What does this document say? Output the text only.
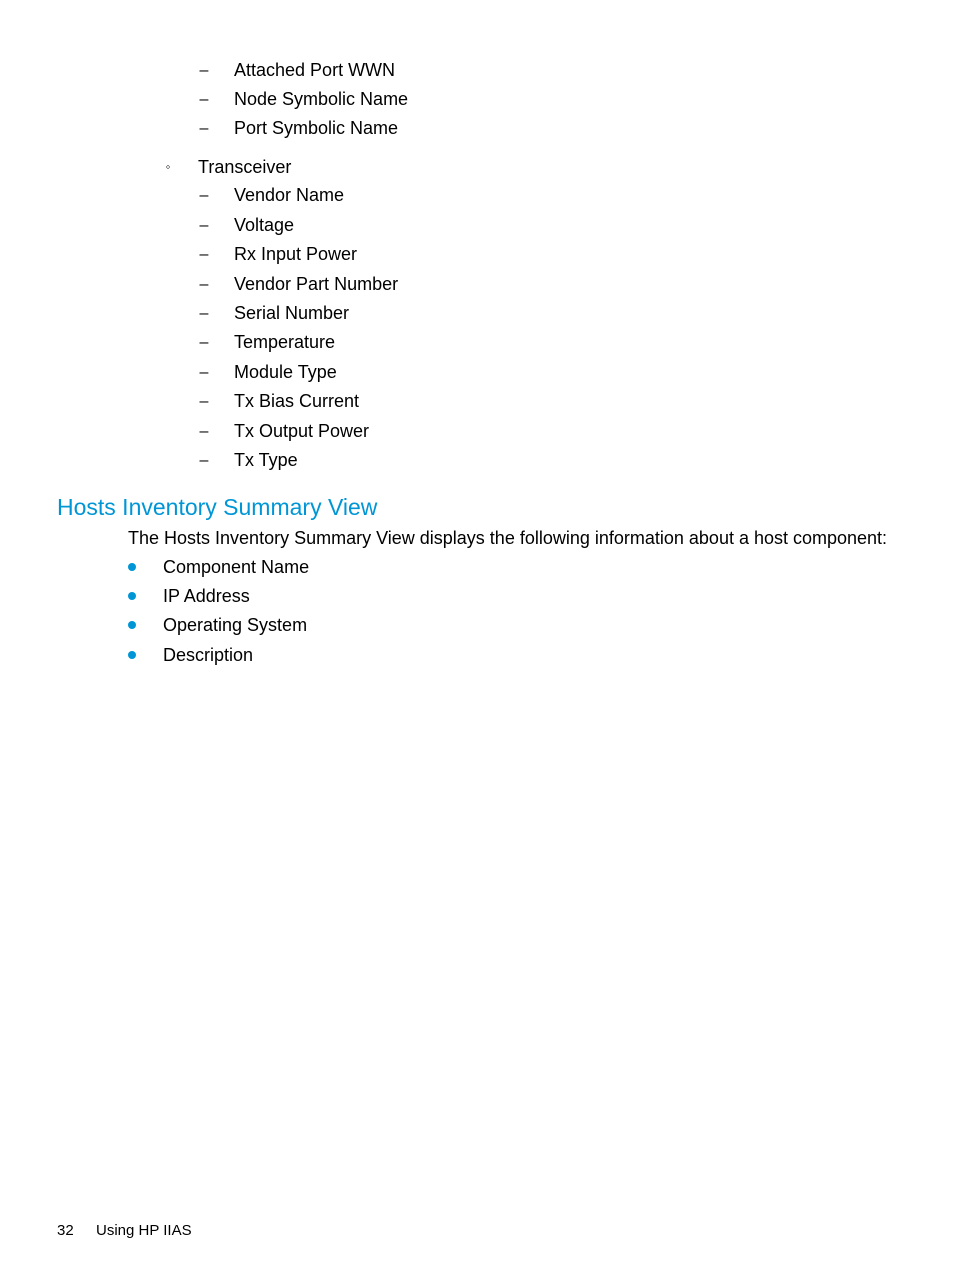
– Attached Port WWN
– Node Symbolic Name
– Port Symbolic Name
◦ Transceiver
– Vendor Name
– Voltage
– Rx Input Power
– Vendor Part Number
– Serial Number
– Temperature
– Module Type
– Tx Bias Current
– Tx Output Power
– Tx Type
Hosts Inventory Summary View
The Hosts Inventory Summary View displays the following information about a host component:
Component Name
IP Address
Operating System
Description
32 Using HP IIAS
